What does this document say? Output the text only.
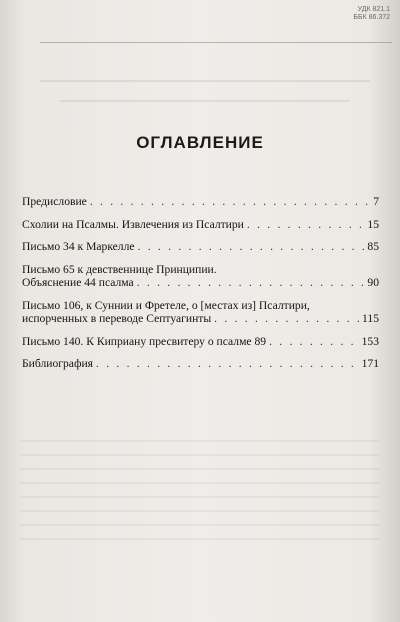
УДК 821.1
ББК 86.372
ОГЛАВЛЕНИЕ
Предисловие . . .	7
Схолии на Псалмы. Извлечения из Псалтири . . .	15
Письмо 34 к Маркелле . . .	85
Письмо 65 к девственнице Принципии.
Объяснение 44 псалма . . .	90
Письмо 106, к Суннии и Фретеле, о [местах из] Псалтири,
испорченных в переводе Септуагинты . . .	115
Письмо 140. К Киприану пресвитеру о псалме 89 . . .	153
Библиография . . .	171
